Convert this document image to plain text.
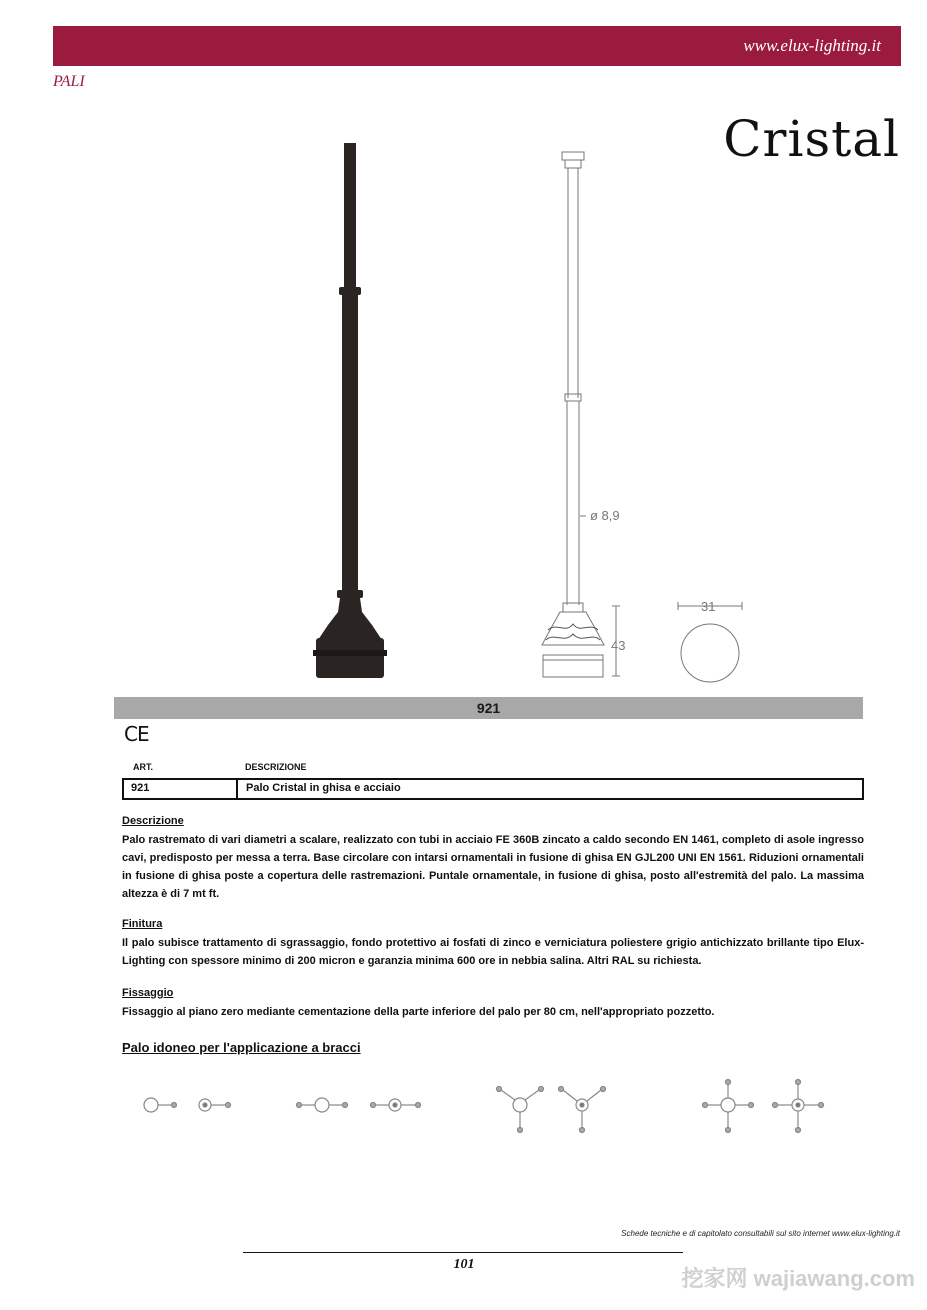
www.elux-lighting.it
PALI
Cristal
ø 8,9
43
31
921
CE
ART.	DESCRIZIONE
921	Palo Cristal in ghisa e acciaio
Descrizione
Palo rastremato di vari diametri a scalare, realizzato con tubi in acciaio FE 360B zincato a caldo secondo EN 1461, completo di asole ingresso cavi, predisposto per messa a terra. Base circolare con intarsi ornamentali in fusione di ghisa EN GJL200 UNI EN 1561. Riduzioni ornamentali in fusione di ghisa poste a copertura delle rastremazioni. Puntale ornamentale, in fusione di ghisa, posto all'estremità del palo. La massima altezza è di 7 mt ft.
Finitura
Il palo subisce trattamento di sgrassaggio, fondo protettivo ai fosfati di zinco e verniciatura poliestere grigio antichizzato brillante tipo Elux-Lighting con spessore minimo di 200 micron e garanzia minima 600 ore in nebbia salina. Altri RAL su richiesta.
Fissaggio
Fissaggio al piano zero mediante cementazione della parte inferiore del palo per 80 cm, nell'appropriato pozzetto.
Palo idoneo per l'applicazione a bracci
Schede tecniche e di capitolato consultabili sul sito internet www.elux-lighting.it
101
挖家网 wajiawang.com
